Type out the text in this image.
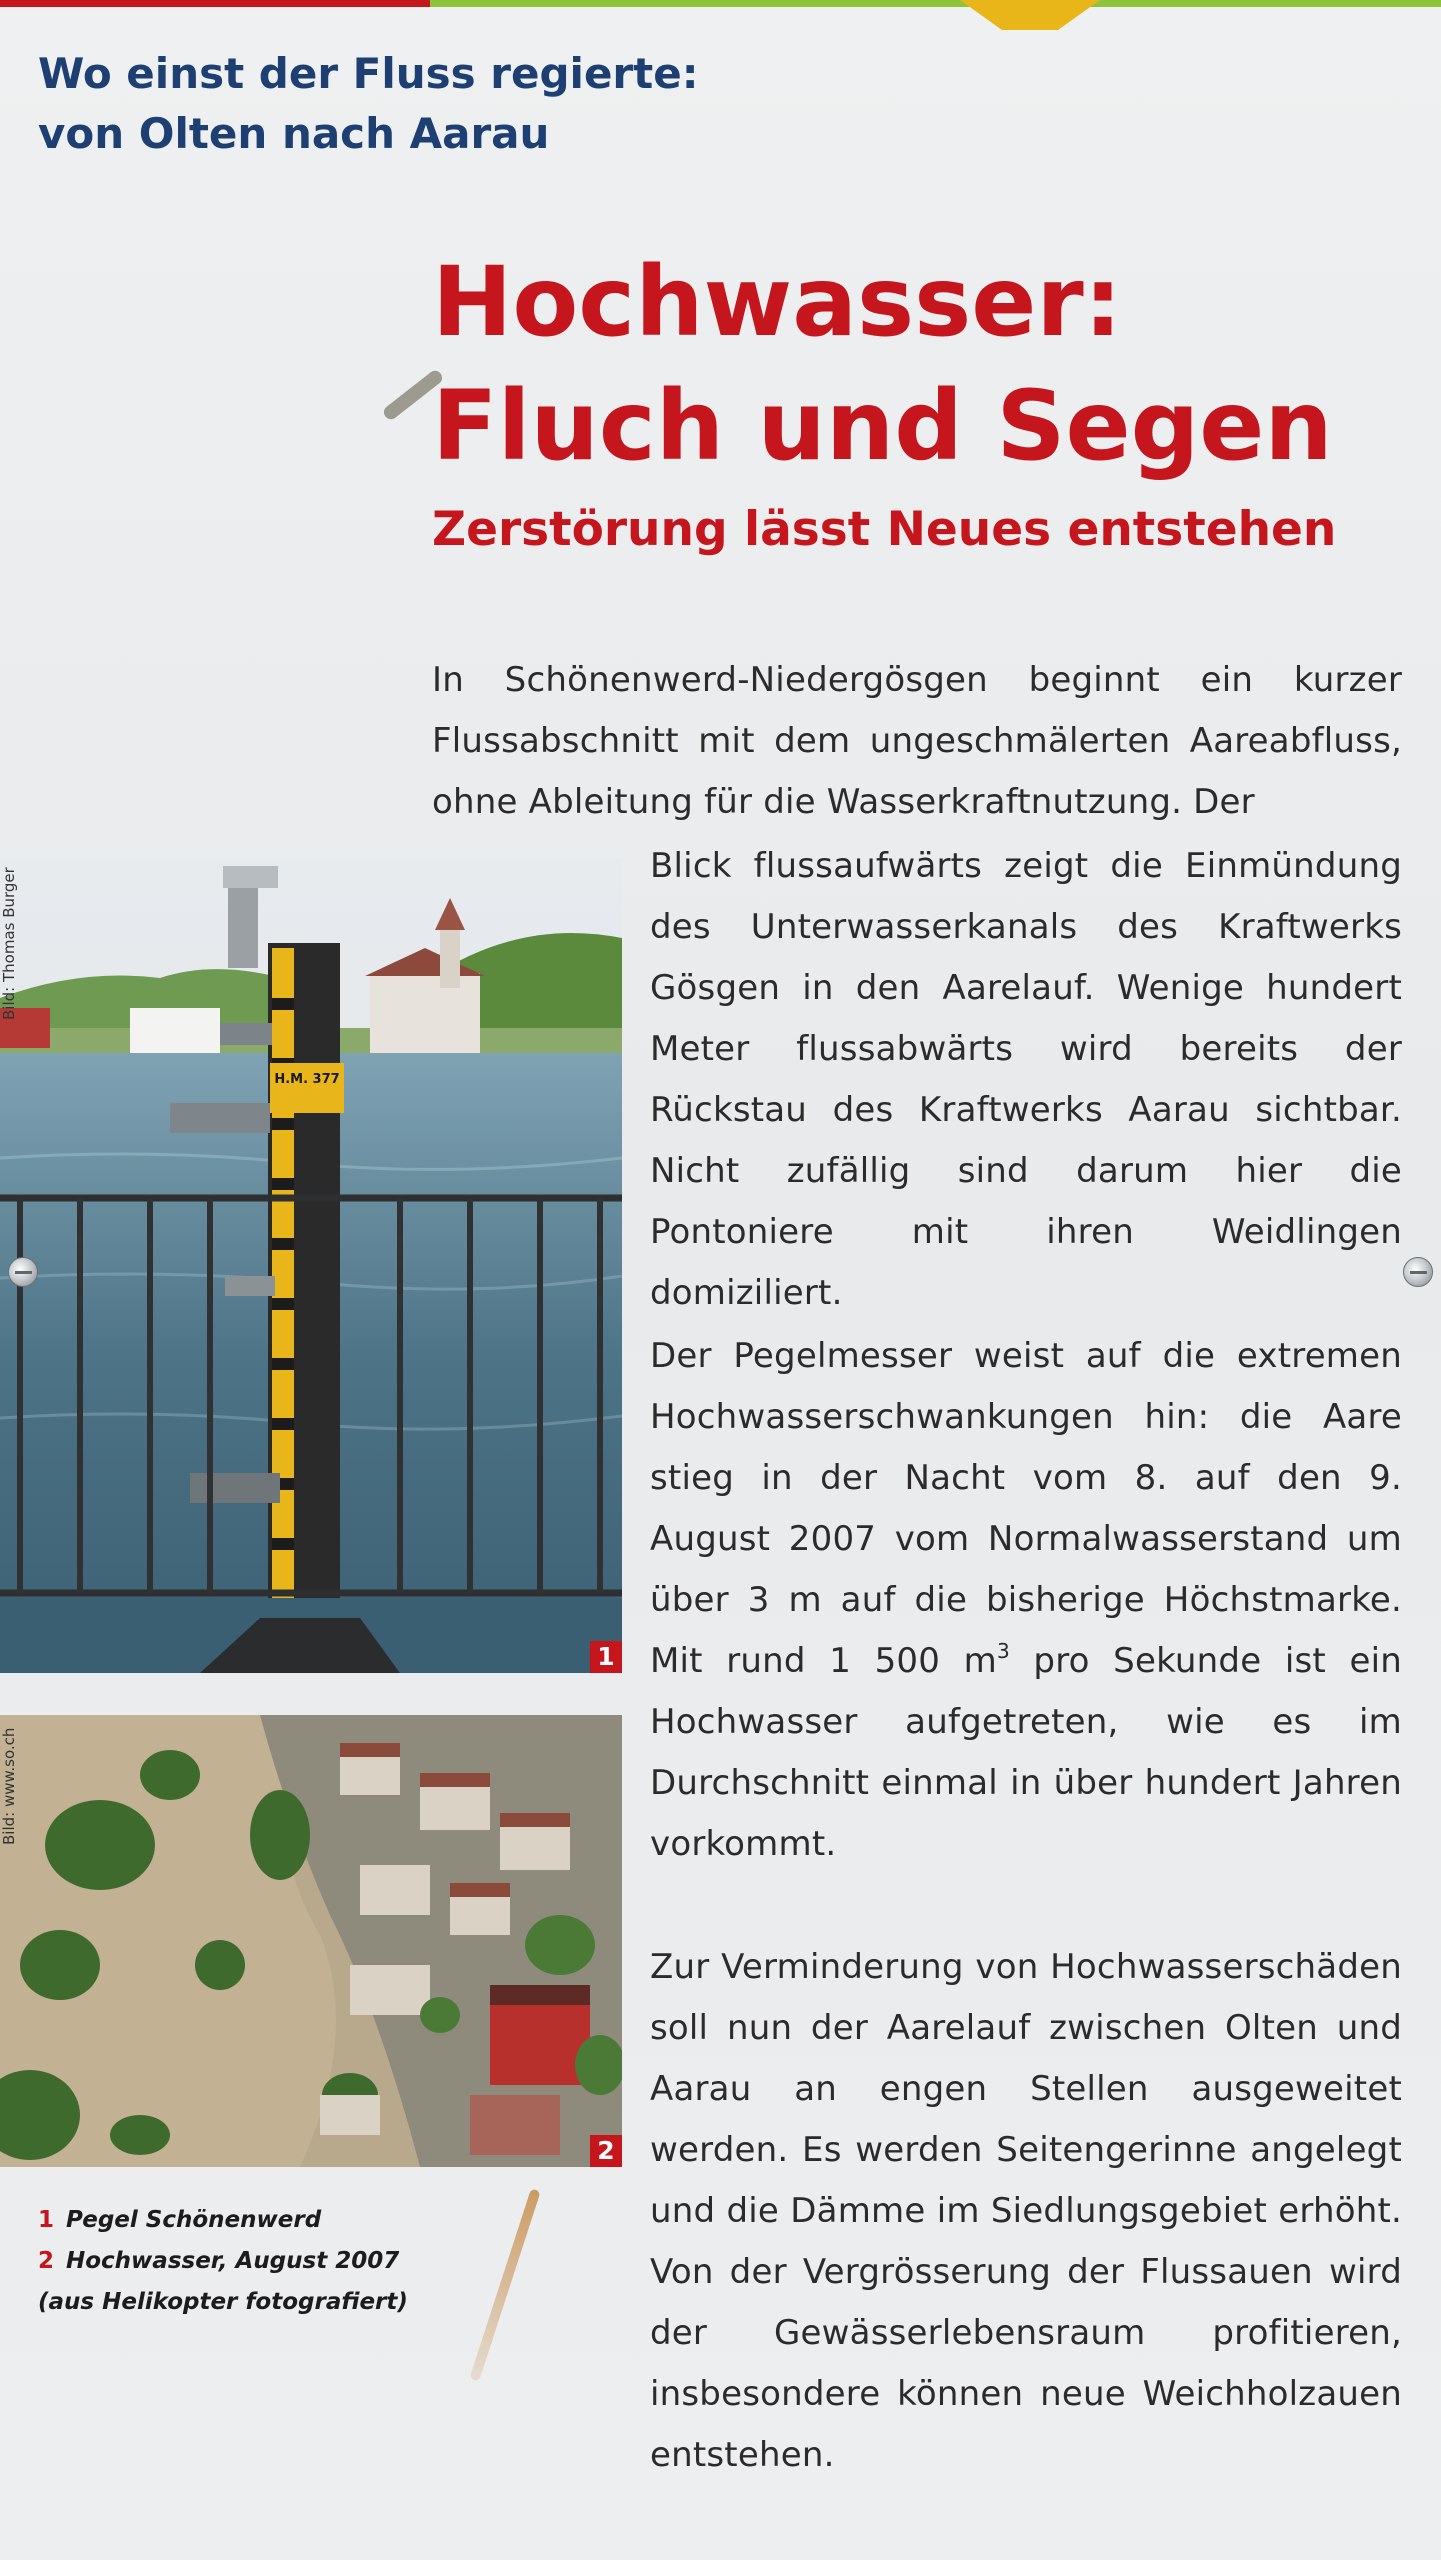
Wo einst der Fluss regierte:
von Olten nach Aarau
Hochwasser:
Fluch und Segen
Zerstörung lässt Neues entstehen

In Schönenwerd-Niedergösgen beginnt ein kurzer Flussabschnitt mit dem ungeschmälerten Aareabfluss, ohne Ableitung für die Wasserkraftnutzung. Der

Blick flussaufwärts zeigt die Einmündung des Unterwasserkanals des Kraftwerks Gösgen in den Aarelauf. Wenige hundert Meter flussabwärts wird bereits der Rückstau des Kraftwerks Aarau sichtbar. Nicht zufällig sind darum hier die Pontoniere mit ihren Weidlingen domiziliert.

Der Pegelmesser weist auf die extremen Hochwasserschwankungen hin: die Aare stieg in der Nacht vom 8. auf den 9. August 2007 vom Normalwasserstand um über 3 m auf die bisherige Höchstmarke. Mit rund 1 500 $m^3$ pro Sekunde ist ein Hochwasser aufgetreten, wie es im Durchschnitt einmal in über hundert Jahren vorkommt.

Zur Verminderung von Hochwasserschäden soll nun der Aarelauf zwischen Olten und Aarau an engen Stellen ausgeweitet werden. Es werden Seitengerinne angelegt und die Dämme im Siedlungsgebiet erhöht. Von der Vergrösserung der Flussauen wird der Gewässerlebensraum profitieren, insbesondere können neue Weichholzauen entstehen.

H.M. 377
1
Bild: Thomas Burger
2
Bild: www.so.ch
1 Pegel Schönenwerd
2 Hochwasser, August 2007
(aus Helikopter fotografiert)
